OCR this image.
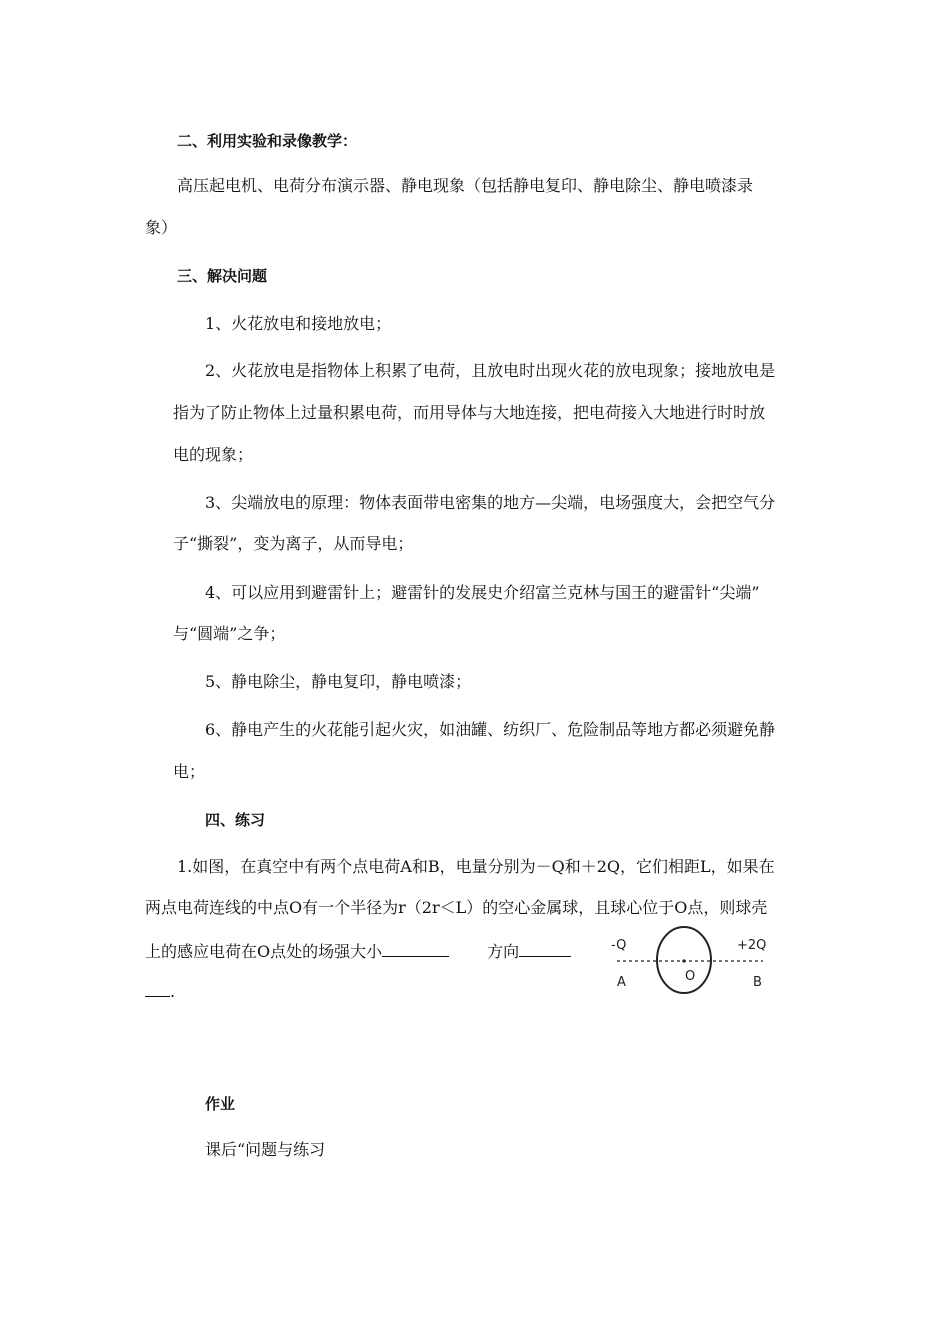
二、利用实验和录像教学：
高压起电机、电荷分布演示器、静电现象（包括静电复印、静电除尘、静电喷漆录
象）
三、解决问题
1、火花放电和接地放电；
2、火花放电是指物体上积累了电荷，且放电时出现火花的放电现象；接地放电是
指为了防止物体上过量积累电荷，而用导体与大地连接，把电荷接入大地进行时时放
电的现象；
3、尖端放电的原理：物体表面带电密集的地方—尖端，电场强度大，会把空气分
子“撕裂”，变为离子，从而导电；
4、可以应用到避雷针上；避雷针的发展史介绍富兰克林与国王的避雷针“尖端”
与“圆端”之争；
5、静电除尘，静电复印，静电喷漆；
6、静电产生的火花能引起火灾，如油罐、纺织厂、危险制品等地方都必须避免静
电；
四、练习
1.如图，在真空中有两个点电荷A和B，电量分别为－Q和＋2Q，它们相距L，如果在
两点电荷连线的中点O有一个半径为r（2r＜L）的空心金属球，且球心位于O点，则球壳
上的感应电荷在O点处的场强大小	方向
.
-Q	+2Q
A	B
O
作业
课后“问题与练习
